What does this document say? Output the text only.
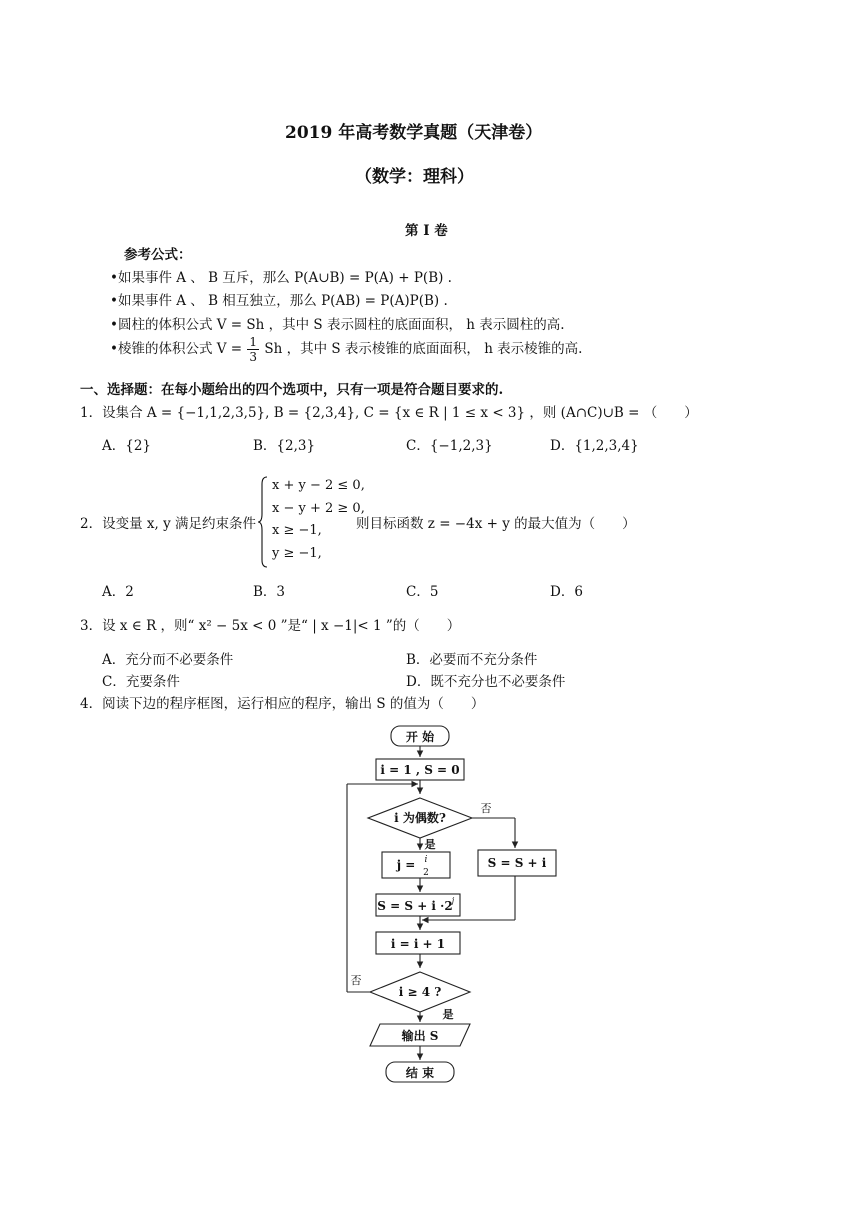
2019 年高考数学真题（天津卷）
（数学：理科）
第 I 卷
参考公式：
•如果事件 A 、 B 互斥，那么 P(A∪B) = P(A) + P(B) .
•如果事件 A 、 B 相互独立，那么 P(AB) = P(A)P(B) .
•圆柱的体积公式 V = Sh ，其中 S 表示圆柱的底面面积， h 表示圆柱的高.
•棱锥的体积公式 $V = \frac{1}{3}$ Sh ，其中 S 表示棱锥的底面面积， h 表示棱锥的高.
一、选择题：在每小题给出的四个选项中，只有一项是符合题目要求的.
1．设集合 A = {−1,1,2,3,5}, B = {2,3,4}, C = {x ∈ R | 1 ≤ x < 3} ，则 (A∩C)∪B = （　　）
A．{2}	B．{2,3}	C．{−1,2,3}	D．{1,2,3,4}
2．设变量 x, y 满足约束条件
x + y − 2 ≤ 0,
x − y + 2 ≥ 0,
x ≥ −1,
y ≥ −1,
则目标函数 z = −4x + y 的最大值为（　　）
A．2	B．3	C．5	D．6
3．设 x ∈ R ，则“ x² − 5x < 0 ”是“ | x −1|< 1 ”的（　　）
A．充分而不必要条件	B．必要而不充分条件
C．充要条件	D．既不充分也不必要条件
4．阅读下边的程序框图，运行相应的程序，输出 S 的值为（　　）
开 始
i = 1 , S = 0
i 为偶数?
否
是
j = i
2
S = S + i
S = S + i ·2 j
i = i + 1
i ≥ 4 ?
否
是
输出 S
结 束
